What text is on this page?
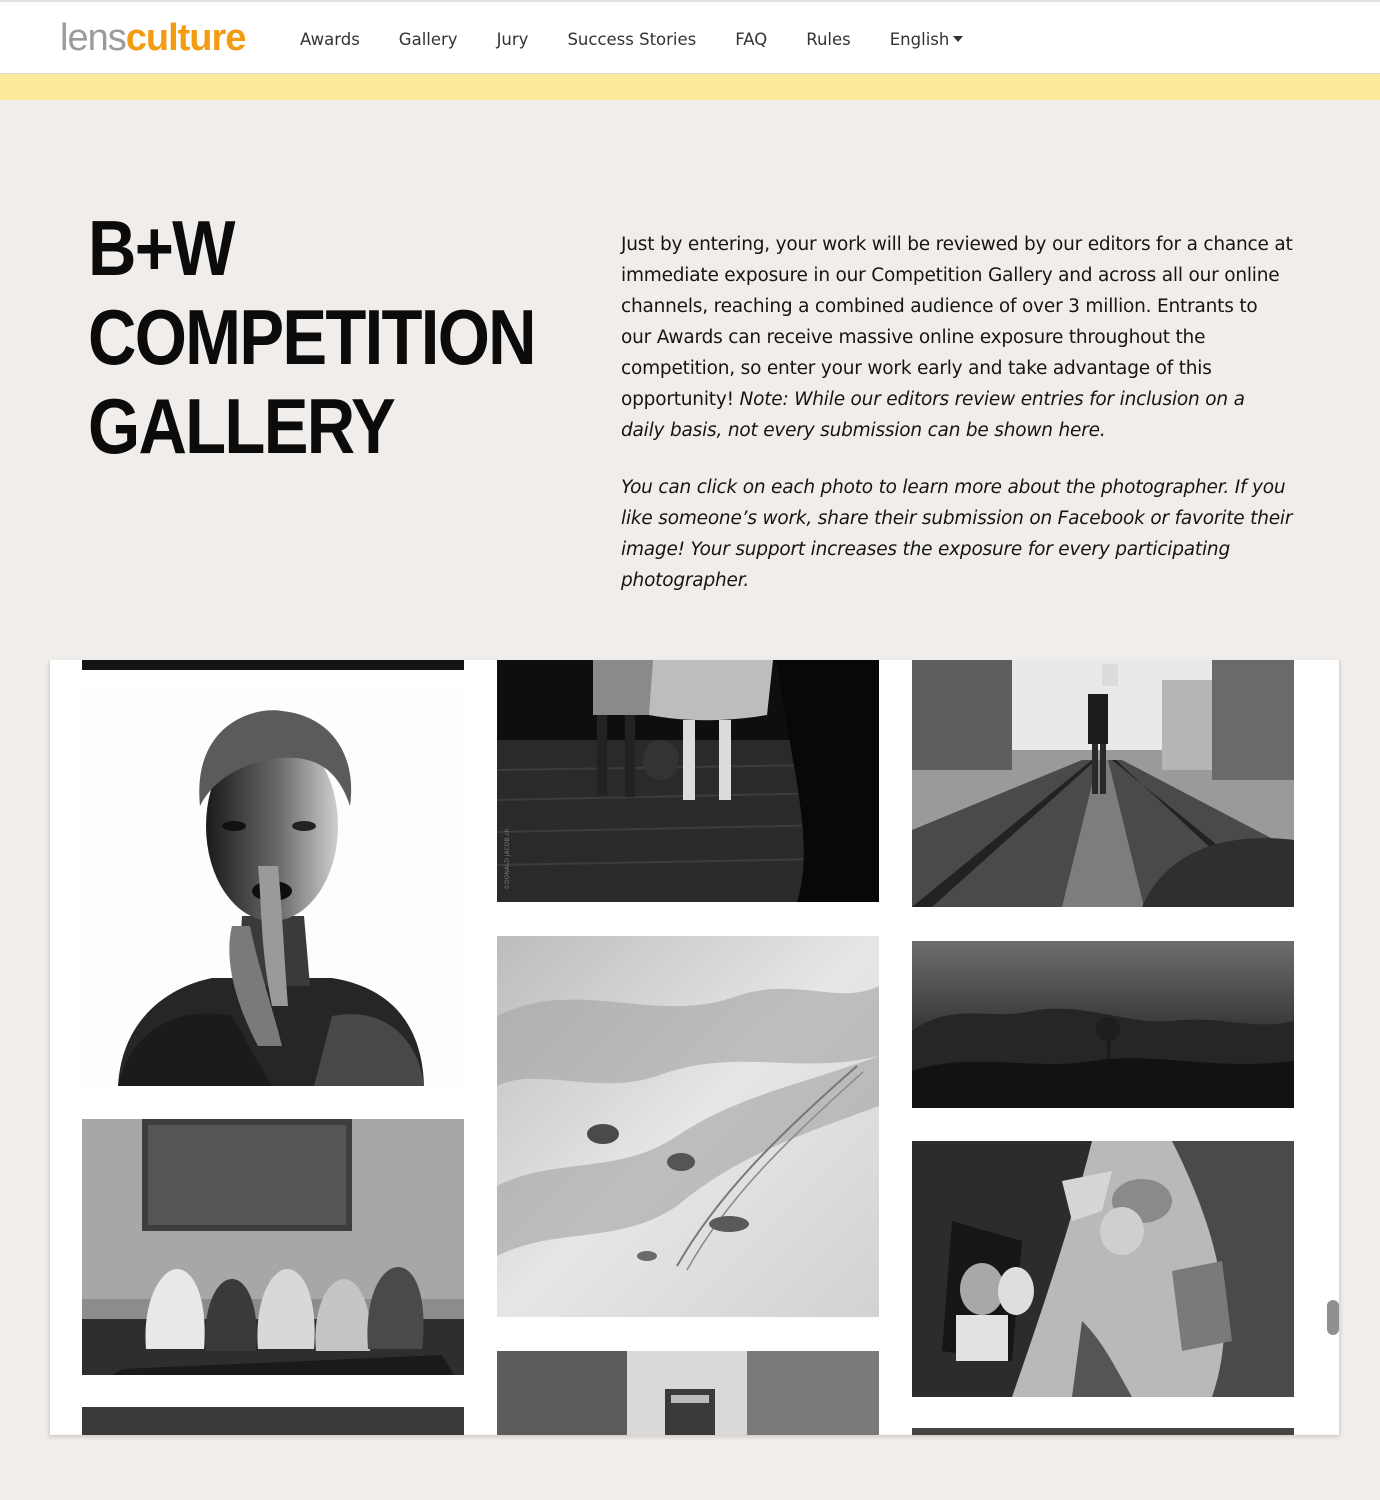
lensculture	Awards Gallery Jury Success Stories FAQ Rules English
B+W
COMPETITION
GALLERY

Just by entering, your work will be reviewed by our editors for a chance at immediate exposure in our Competition Gallery and across all our online channels, reaching a combined audience of over 3 million. Entrants to our Awards can receive massive online exposure throughout the competition, so enter your work early and take advantage of this opportunity! Note: While our editors review entries for inclusion on a daily basis, not every submission can be shown here.

You can click on each photo to learn more about the photographer. If you like someone’s work, share their submission on Facebook or favorite their image! Your support increases the exposure for every participating photographer.

©DONALD JACOB.ch
